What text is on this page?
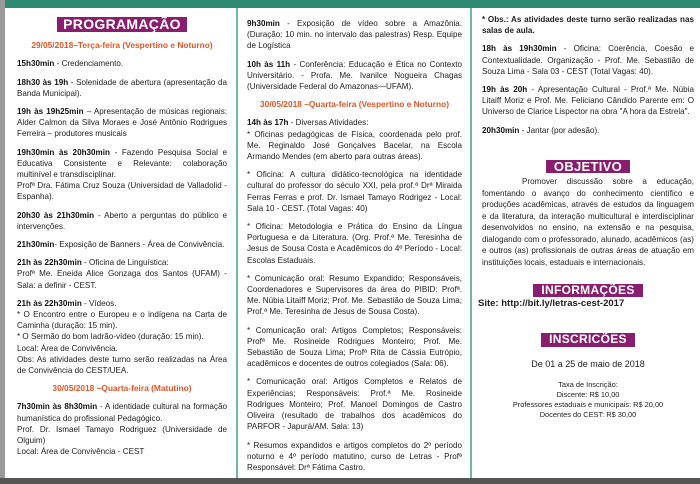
PROGRAMAÇÃO

29/05/2018–Terça-feira (Vespertino e Noturno)

15h30min - Credenciamento.

18h30 às 19h - Solenidade de abertura (apresentação da Banda Municipal).

19h às 19h25min – Apresentação de músicas regionais: Alder Calmon da Silva Moraes e José Antônio Rodrigues Ferreira – produtores musicais

19h30min às 20h30min - Fazendo Pesquisa Social e Educativa Consistente e Relevante: colaboração multinível e transdisciplinar.
Profª Dra. Fátima Cruz Souza (Universidad de Valladolid - Espanha).

20h30 às 21h30min - Aberto a perguntas do público e intervenções.

21h30min- Exposição de Banners - Área de Convivência.

21h às 22h30min - Oficina de Linguística:
Profª Me. Eneida Alice Gonzaga dos Santos (UFAM) - Sala: a definir - CEST.

21h às 22h30min - Vídeos.
* O Encontro entre o Europeu e o indígena na Carta de Caminha (duração: 15 min).
* O Sermão do bom ladrão-vídeo (duração: 15 min).
Local: Área de Convivência.
Obs: As atividades deste turno serão realizadas na Área de Convivência do CEST/UEA.

30/05/2018 –Quarta-feira (Matutino)

7h30min às 8h30min - A identidade cultural na formação humanística do profissional Pedagógico.
Prof. Dr. Ismael Tamayo Rodriguez (Universidade de Olguim)
Local: Área de Convivência - CEST

9h30min - Exposição de vídeo sobre a Amazônia. (Duração: 10 min. no intervalo das palestras) Resp. Equipe de Logística

10h às 11h - Conferência: Educação e Ética no Contexto Universitário. - Profa. Me. Ivanilce Nogueira Chagas (Universidade Federal do Amazonas—UFAM).

30/05/2018 –Quarta-feira (Vespertino e Noturno)

14h às 17h - Diversas Atividades:

* Oficinas pedagógicas de Física, coordenada pelo prof. Me. Reginaldo José Gonçalves Bacelar, na Escola Armando Mendes (em aberto para outras áreas).

* Oficina: A cultura didático-tecnológica na identidade cultural do professor do século XXI, pela prof.ª Drª Miraida Ferras Ferras e prof. Dr. Ismael Tamayo Rodrigez - Local: Sala 10 - CEST. (Total Vagas: 40)

* Oficina: Metodologia e Prática do Ensino da Língua Portuguesa e da Literatura. (Org. Prof.ª Me. Teresinha de Jesus de Sousa Costa e Acadêmicos do 4º Período - Local: Escolas Estaduais.

* Comunicação oral: Resumo Expandido; Responsáveis, Coordenadores e Supervisores da área do PIBID: Profª. Me. Núbia Litaiff Moriz; Prof. Me. Sebastião de Souza Lima; Prof.ª Me. Teresinha de Jesus de Sousa Costa).

* Comunicação oral: Artigos Completos; Responsáveis: Profª Me. Rosineide Rodrigues Monteiro; Prof. Me. Sebastião de Souza Lima; Profª Rita de Cássia Eutrópio, acadêmicos e docentes de outros colegiados (Sala: 06).

* Comunicação oral: Artigos Completos e Relatos de Experiências; Responsáveis: Prof.ª Me. Rosineide Rodrigues Monteiro; Prof. Manoel Domingos de Castro Oliveira (resultado de trabalhos dos acadêmicos do PARFOR - Japurá/AM. Sala: 13)

* Resumos expandidos e artigos completos do 2º período noturno e 4º período matutino, curso de Letras - Profª Responsável: Drª Fátima Castro.

* Obs.: As atividades deste turno serão realizadas nas salas de aula.

18h às 19h30min - Oficina: Coerência, Coesão e Contextualidade. Organização - Prof. Me. Sebastião de Souza Lima - Sala 03 - CEST (Total Vagas: 40).

19h às 20h - Apresentação Cultural - Prof.ª Me. Núbia Litaiff Moriz e Prof. Me. Feliciano Cândido Parente em: O Universo de Clarice Lispector na obra "A hora da Estrela".

20h30min - Jantar (por adesão).

OBJETIVO

Promover discussão sobre a educação, fomentando o avanço do conhecimento científico e produções acadêmicas, através de estudos da linguagem e da literatura, da interação multicultural e interdisciplinar desenvolvidos no ensino, na extensão e na pesquisa, dialogando com o professorado, alunado, acadêmicos (as) e outros (as) profissionais de outras áreas de atuação em instituições locais, estaduais e internacionais.

INFORMAÇÕES
Site: http://bit.ly/letras-cest-2017
INSCRICÕES
De 01 a 25 de maio de 2018
Taxa de Inscrição:
Discente: R$ 10,00
Professores estaduais e municipais: R$ 20,00
Docentes do CEST: R$ 30,00
